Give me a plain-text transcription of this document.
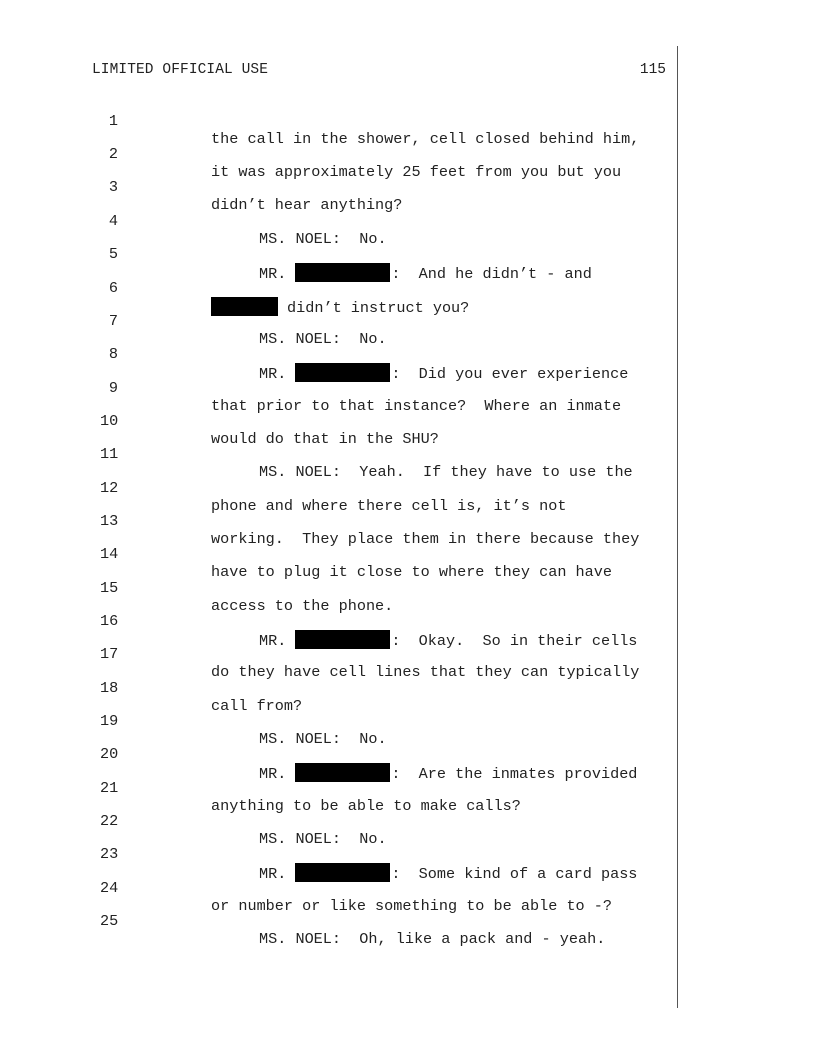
LIMITED OFFICIAL USE	115

1

the call in the shower, cell closed behind him,

2

it was approximately 25 feet from you but you

3

didn’t hear anything?

4

MS. NOEL:  No.

5

MR.	:  And he didn’t - and

6

didn’t instruct you?

7

MS. NOEL:  No.

8

MR.	:  Did you ever experience

9

that prior to that instance?  Where an inmate

10

would do that in the SHU?

11

MS. NOEL:  Yeah.  If they have to use the

12

phone and where there cell is, it’s not

13

working.  They place them in there because they

14

have to plug it close to where they can have

15

access to the phone.

16

MR.	:  Okay.  So in their cells

17

do they have cell lines that they can typically

18

call from?

19

MS. NOEL:  No.

20

MR.	:  Are the inmates provided

21

anything to be able to make calls?

22

MS. NOEL:  No.

23

MR.	:  Some kind of a card pass

24

or number or like something to be able to -?

25

MS. NOEL:  Oh, like a pack and - yeah.
